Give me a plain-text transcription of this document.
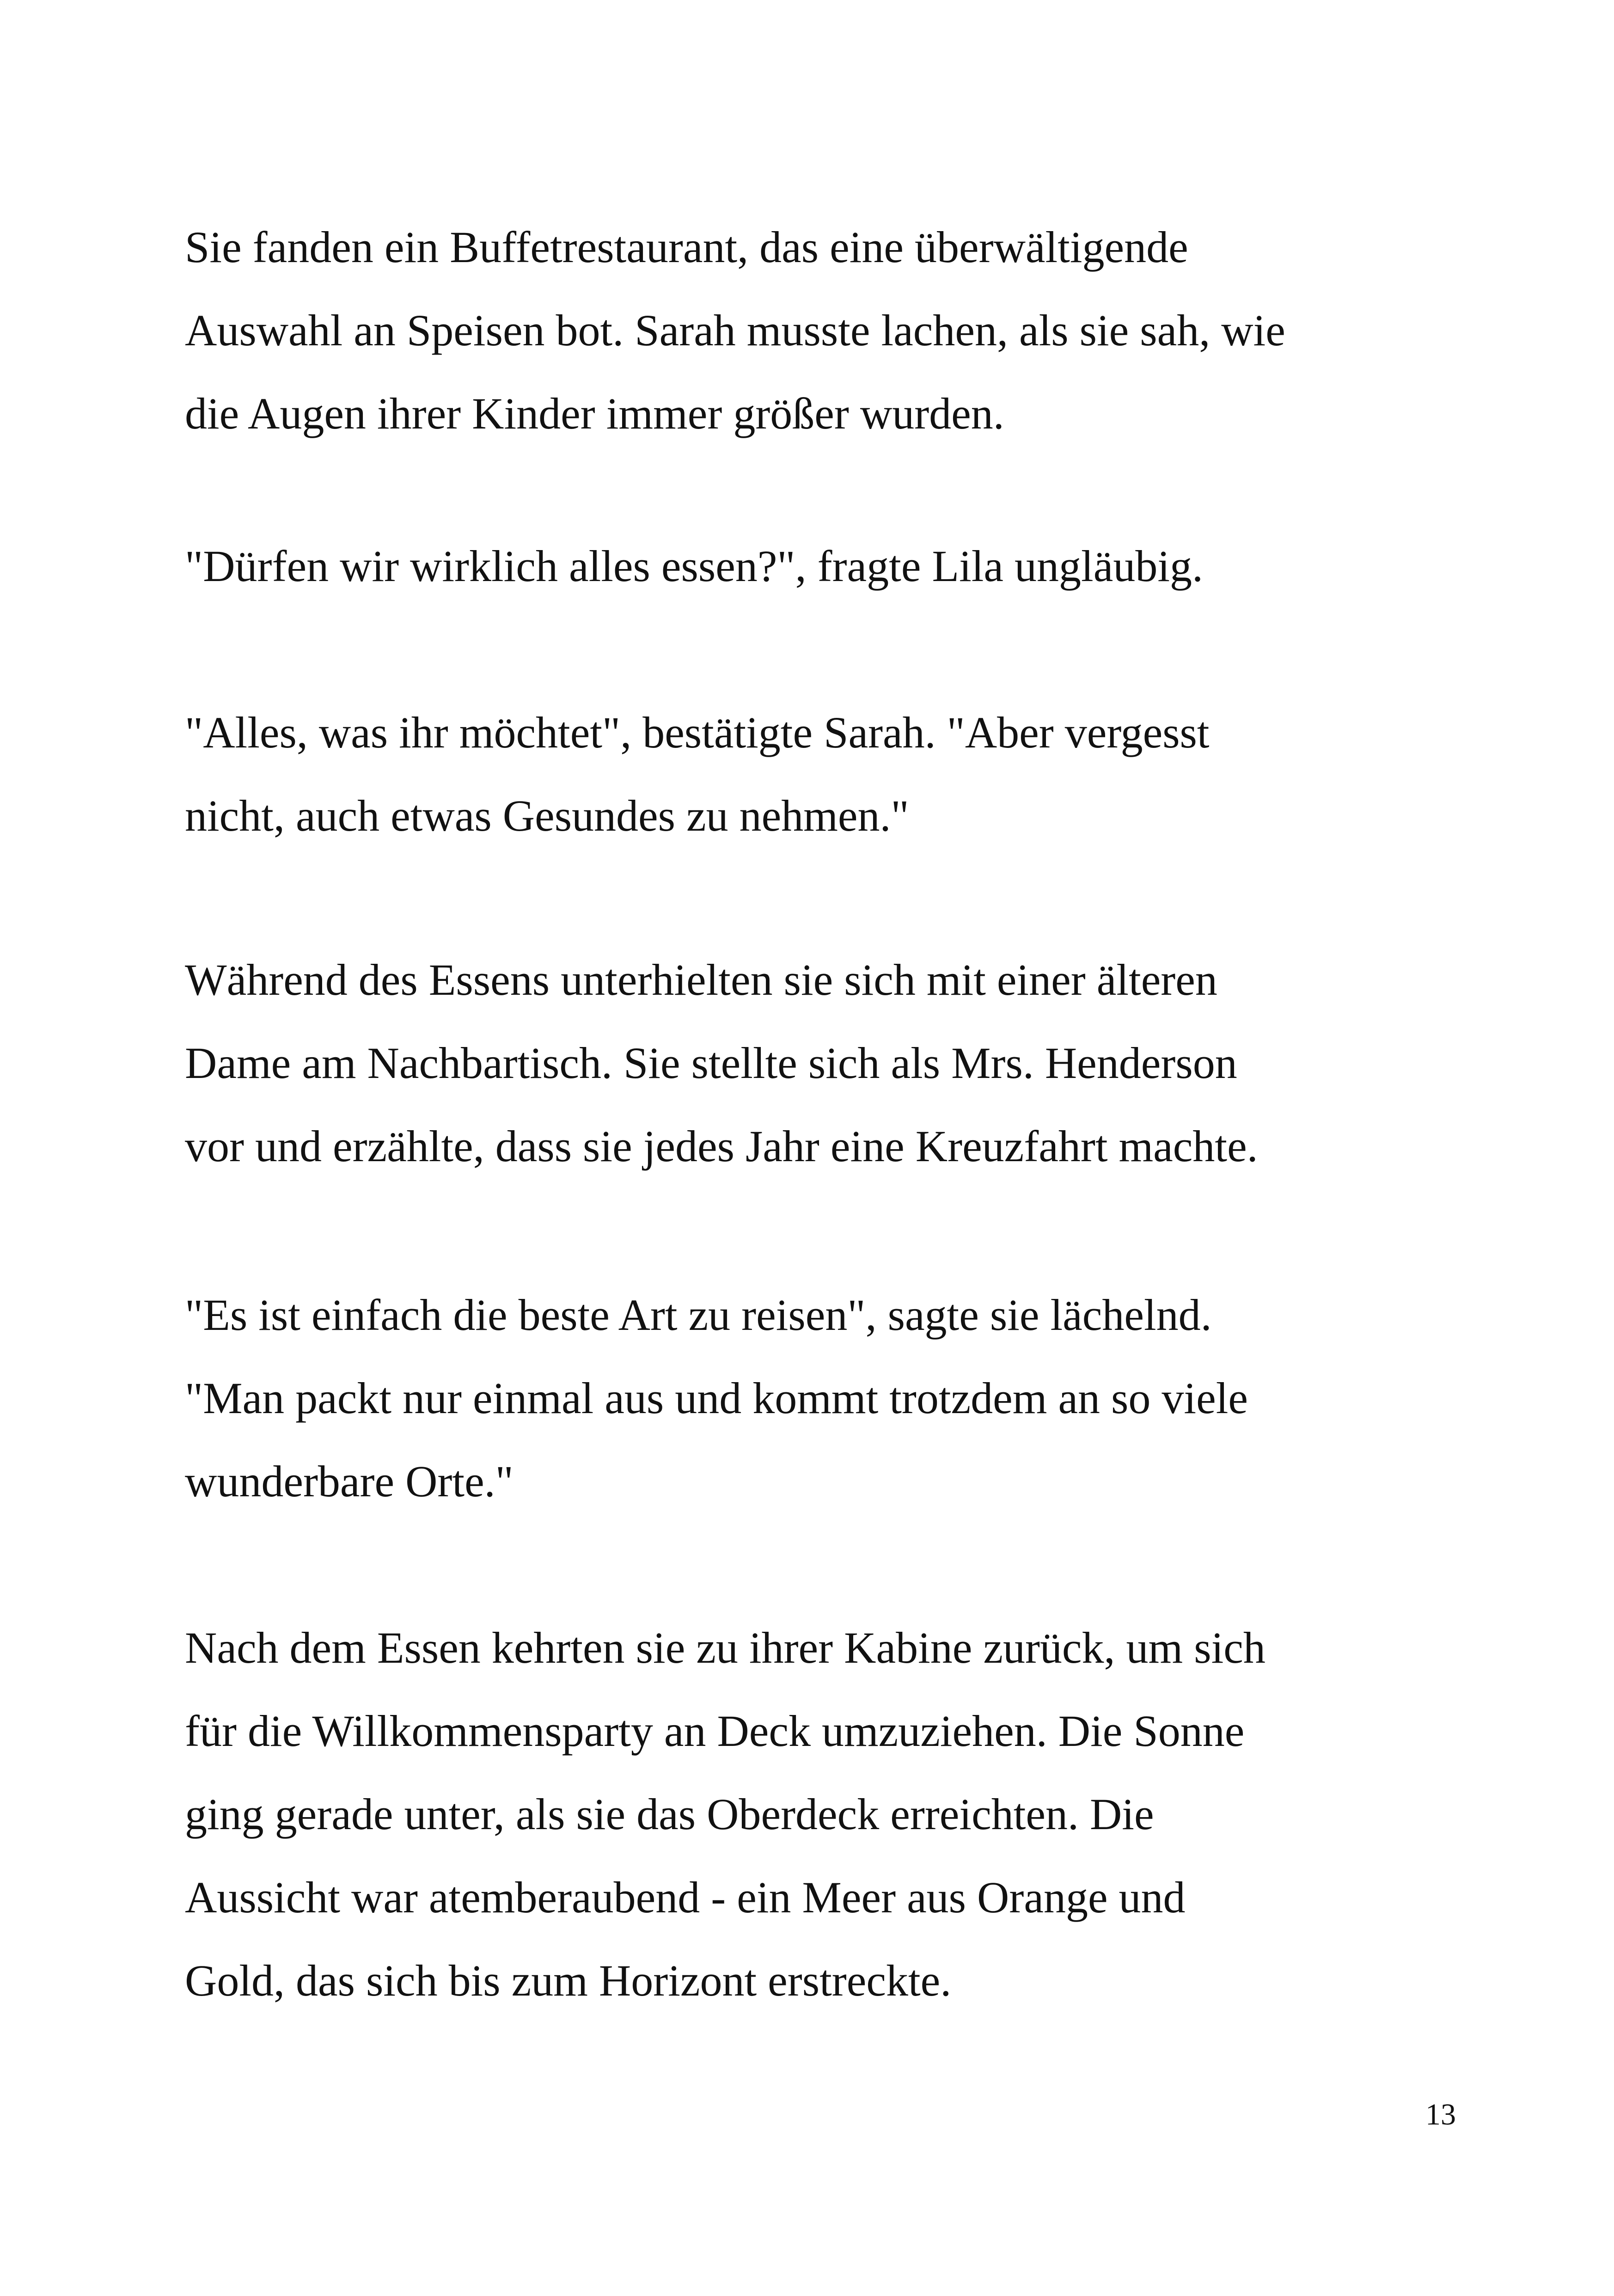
Sie fanden ein Buffetrestaurant, das eine überwältigende
Auswahl an Speisen bot. Sarah musste lachen, als sie sah, wie
die Augen ihrer Kinder immer größer wurden.
"Dürfen wir wirklich alles essen?", fragte Lila ungläubig.
"Alles, was ihr möchtet", bestätigte Sarah. "Aber vergesst
nicht, auch etwas Gesundes zu nehmen."
Während des Essens unterhielten sie sich mit einer älteren
Dame am Nachbartisch. Sie stellte sich als Mrs. Henderson
vor und erzählte, dass sie jedes Jahr eine Kreuzfahrt machte.
"Es ist einfach die beste Art zu reisen", sagte sie lächelnd.
"Man packt nur einmal aus und kommt trotzdem an so viele
wunderbare Orte."
Nach dem Essen kehrten sie zu ihrer Kabine zurück, um sich
für die Willkommensparty an Deck umzuziehen. Die Sonne
ging gerade unter, als sie das Oberdeck erreichten. Die
Aussicht war atemberaubend - ein Meer aus Orange und
Gold, das sich bis zum Horizont erstreckte.
13
